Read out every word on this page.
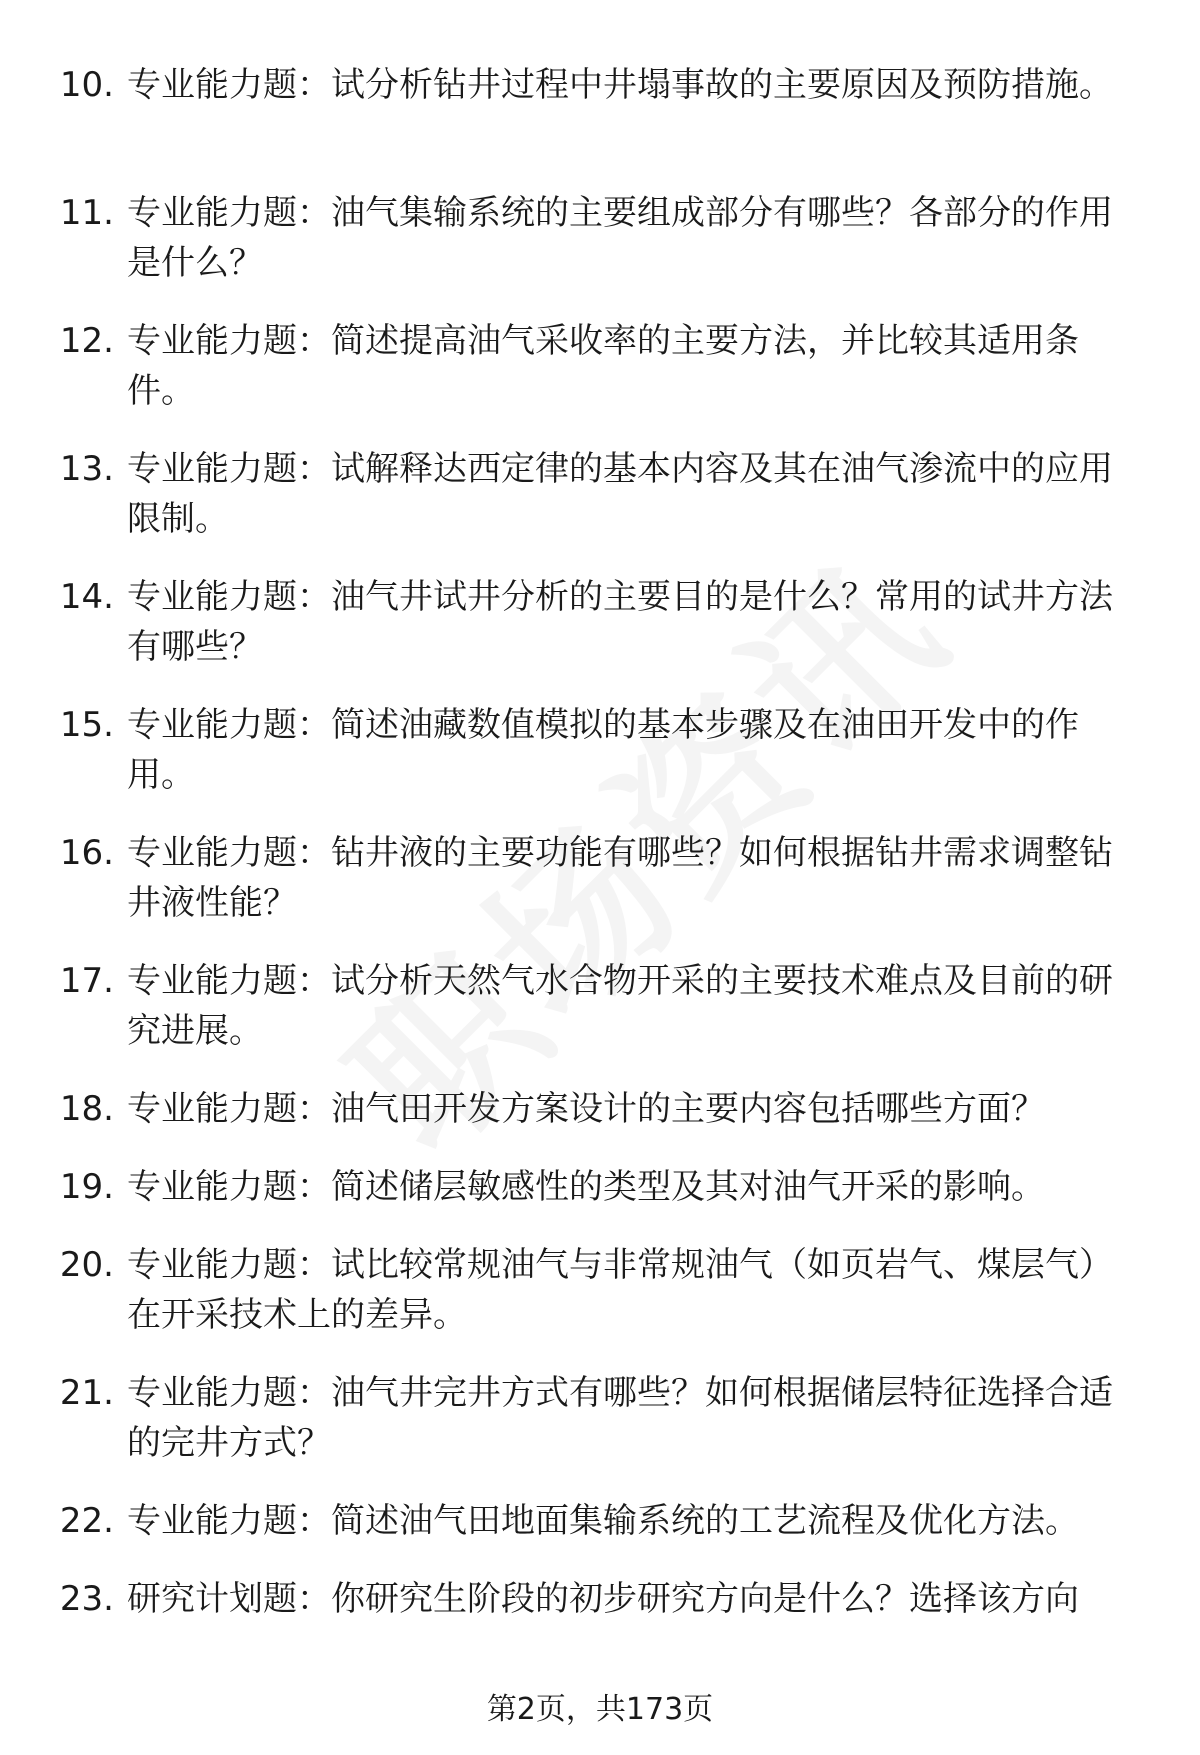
10. 专业能力题：试分析钻井过程中井塌事故的主要原因及预防措施。
11. 专业能力题：油气集输系统的主要组成部分有哪些？各部分的作用是什么？
12. 专业能力题：简述提高油气采收率的主要方法，并比较其适用条件。
13. 专业能力题：试解释达西定律的基本内容及其在油气渗流中的应用限制。
14. 专业能力题：油气井试井分析的主要目的是什么？常用的试井方法有哪些？
15. 专业能力题：简述油藏数值模拟的基本步骤及在油田开发中的作用。
16. 专业能力题：钻井液的主要功能有哪些？如何根据钻井需求调整钻井液性能？
17. 专业能力题：试分析天然气水合物开采的主要技术难点及目前的研究进展。
18. 专业能力题：油气田开发方案设计的主要内容包括哪些方面？
19. 专业能力题：简述储层敏感性的类型及其对油气开采的影响。
20. 专业能力题：试比较常规油气与非常规油气（如页岩气、煤层气）在开采技术上的差异。
21. 专业能力题：油气井完井方式有哪些？如何根据储层特征选择合适的完井方式？
22. 专业能力题：简述油气田地面集输系统的工艺流程及优化方法。
23. 研究计划题：你研究生阶段的初步研究方向是什么？选择该方向
第2页，共173页
